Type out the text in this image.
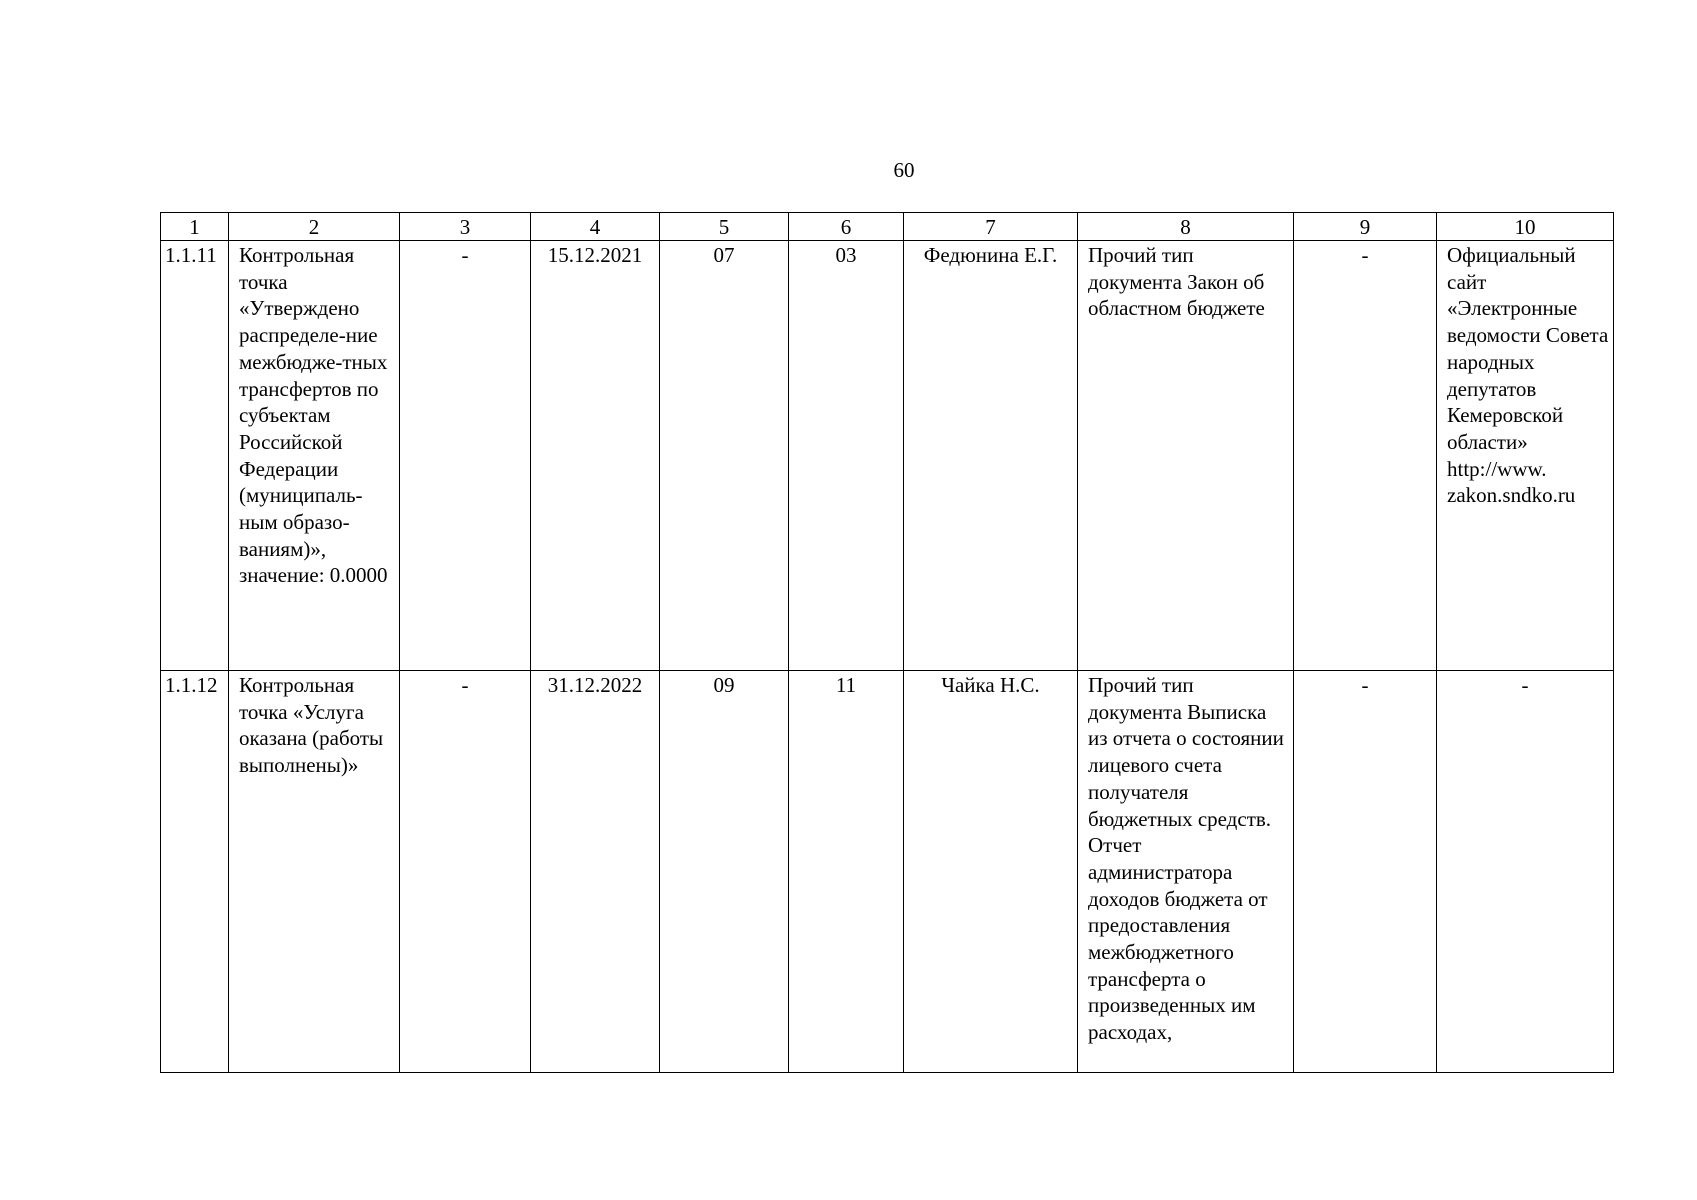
60
1	2	3	4	5	6	7	8	9	10
1.1.11	Контрольная точка «Утверждено распределе-ние межбюдже-тных трансфертов по субъектам Российской Федерации (муниципаль-ным образо-ваниям)», значение: 0.0000	-	15.12.2021	07	03	Федюнина Е.Г.	Прочий тип документа Закон об областном бюджете	-	Официальный сайт «Электронные ведомости Совета народных депутатов Кемеровской области» http://www. zakon.sndko.ru
1.1.12	Контрольная точка «Услуга оказана (работы выполнены)»	-	31.12.2022	09	11	Чайка Н.С.	Прочий тип документа Выписка из отчета о состоянии лицевого счета получателя бюджетных средств. Отчет администратора доходов бюджета от предоставления межбюджетного трансферта о произведенных им расходах,	-	-
